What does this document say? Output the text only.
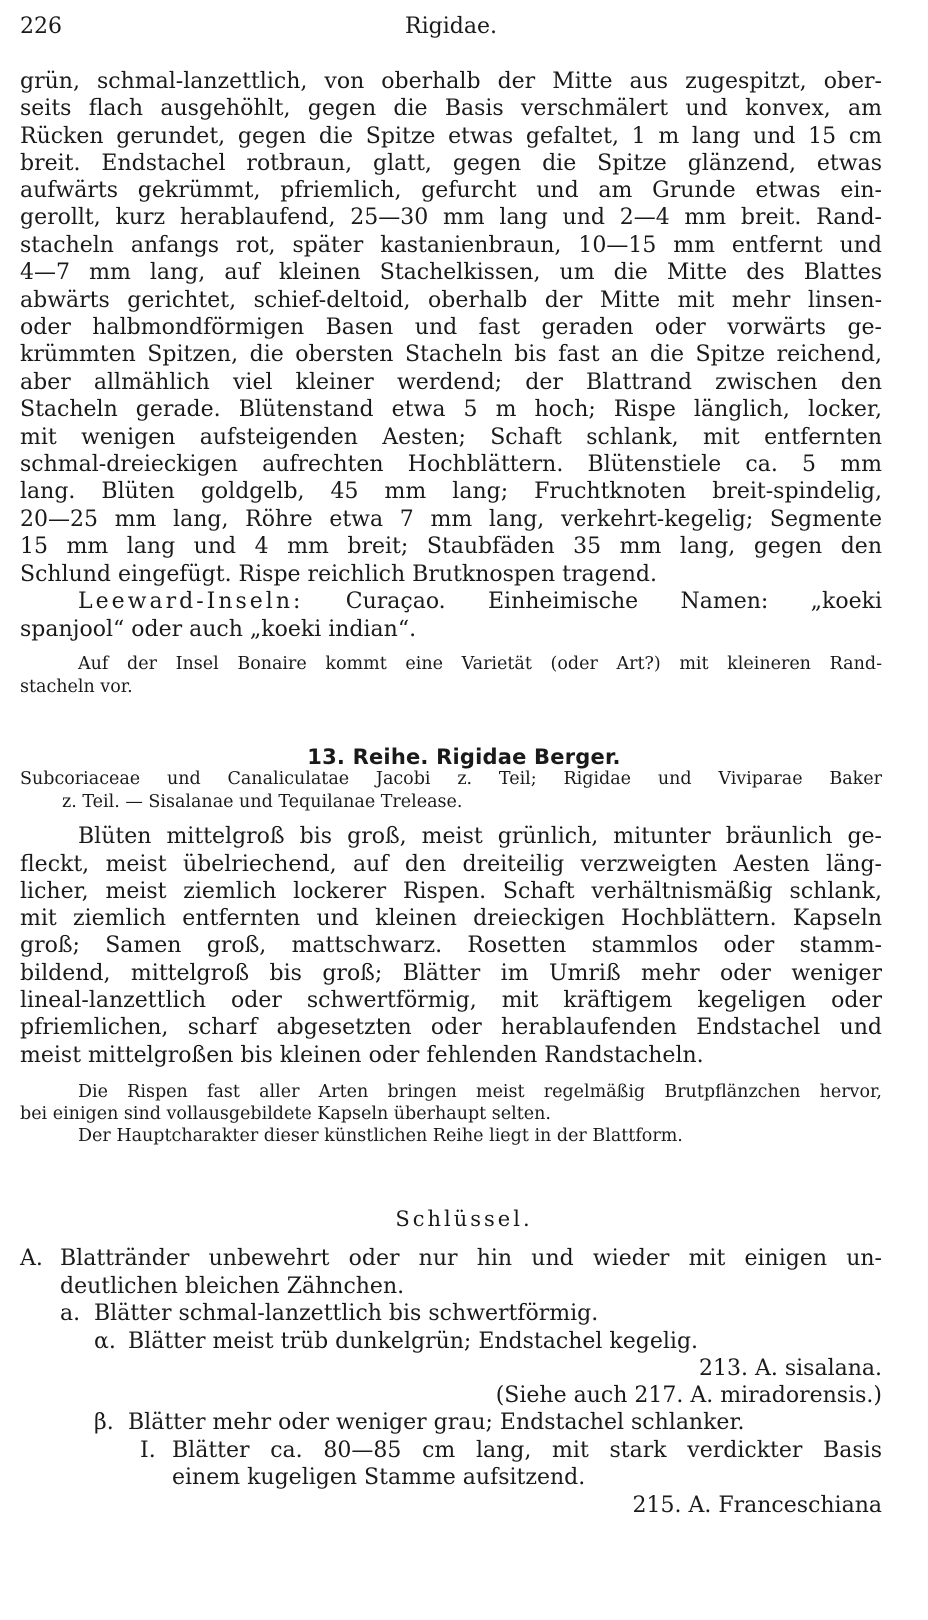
226	Rigidae.
grün, schmal-lanzettlich, von oberhalb der Mitte aus zugespitzt, ober-
seits flach ausgehöhlt, gegen die Basis verschmälert und konvex, am
Rücken gerundet, gegen die Spitze etwas gefaltet, 1 m lang und 15 cm
breit. Endstachel rotbraun, glatt, gegen die Spitze glänzend, etwas
aufwärts gekrümmt, pfriemlich, gefurcht und am Grunde etwas ein-
gerollt, kurz herablaufend, 25—30 mm lang und 2—4 mm breit. Rand-
stacheln anfangs rot, später kastanienbraun, 10—15 mm entfernt und
4—7 mm lang, auf kleinen Stachelkissen, um die Mitte des Blattes
abwärts gerichtet, schief-deltoid, oberhalb der Mitte mit mehr linsen-
oder halbmondförmigen Basen und fast geraden oder vorwärts ge-
krümmten Spitzen, die obersten Stacheln bis fast an die Spitze reichend,
aber allmählich viel kleiner werdend; der Blattrand zwischen den
Stacheln gerade. Blütenstand etwa 5 m hoch; Rispe länglich, locker,
mit wenigen aufsteigenden Aesten; Schaft schlank, mit entfernten
schmal-dreieckigen aufrechten Hochblättern. Blütenstiele ca. 5 mm
lang. Blüten goldgelb, 45 mm lang; Fruchtknoten breit-spindelig,
20—25 mm lang, Röhre etwa 7 mm lang, verkehrt-kegelig; Segmente
15 mm lang und 4 mm breit; Staubfäden 35 mm lang, gegen den
Schlund eingefügt. Rispe reichlich Brutknospen tragend.
Leeward-Inseln: Curaçao. Einheimische Namen: „koeki
spanjool“ oder auch „koeki indian“.
Auf der Insel Bonaire kommt eine Varietät (oder Art?) mit kleineren Rand-
stacheln vor.
13. Reihe. Rigidae Berger.
Subcoriaceae und Canaliculatae Jacobi z. Teil; Rigidae und Viviparae Baker
z. Teil. — Sisalanae und Tequilanae Trelease.
Blüten mittelgroß bis groß, meist grünlich, mitunter bräunlich ge-
fleckt, meist übelriechend, auf den dreiteilig verzweigten Aesten läng-
licher, meist ziemlich lockerer Rispen. Schaft verhältnismäßig schlank,
mit ziemlich entfernten und kleinen dreieckigen Hochblättern. Kapseln
groß; Samen groß, mattschwarz. Rosetten stammlos oder stamm-
bildend, mittelgroß bis groß; Blätter im Umriß mehr oder weniger
lineal-lanzettlich oder schwertförmig, mit kräftigem kegeligen oder
pfriemlichen, scharf abgesetzten oder herablaufenden Endstachel und
meist mittelgroßen bis kleinen oder fehlenden Randstacheln.
Die Rispen fast aller Arten bringen meist regelmäßig Brutpflänzchen hervor,
bei einigen sind vollausgebildete Kapseln überhaupt selten.
Der Hauptcharakter dieser künstlichen Reihe liegt in der Blattform.
Schlüssel.
A. Blattränder unbewehrt oder nur hin und wieder mit einigen un-
deutlichen bleichen Zähnchen.
a. Blätter schmal-lanzettlich bis schwertförmig.
α. Blätter meist trüb dunkelgrün; Endstachel kegelig.
213. A. sisalana.
(Siehe auch 217. A. miradorensis.)
β. Blätter mehr oder weniger grau; Endstachel schlanker.
I. Blätter ca. 80—85 cm lang, mit stark verdickter Basis
einem kugeligen Stamme aufsitzend.
215. A. Franceschiana
